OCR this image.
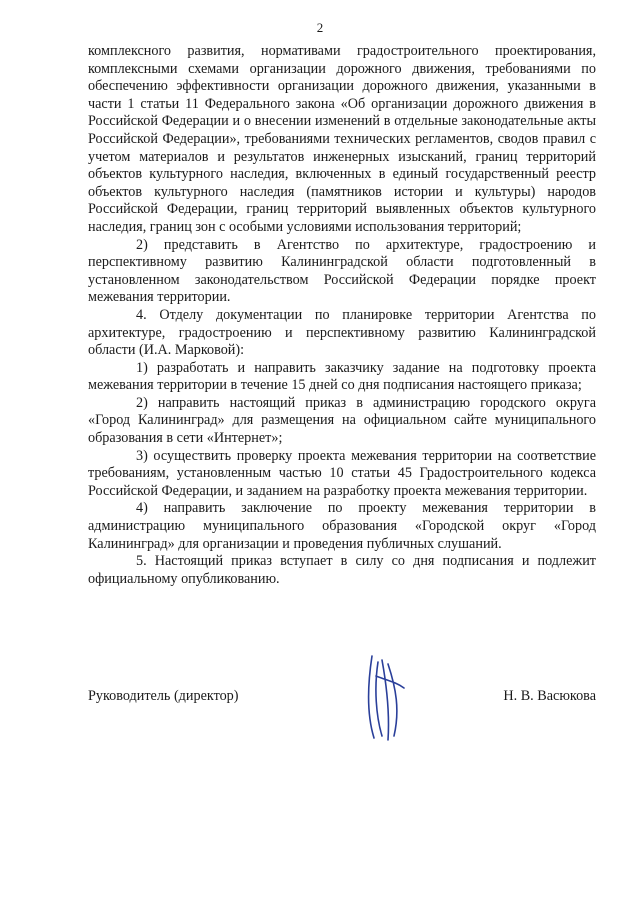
2

комплексного развития, нормативами градостроительного проектирования, комплексными схемами организации дорожного движения, требованиями по обеспечению эффективности организации дорожного движения, указанными в части 1 статьи 11 Федерального закона «Об организации дорожного движения в Российской Федерации и о внесении изменений в отдельные законодательные акты Российской Федерации», требованиями технических регламентов, сводов правил с учетом материалов и результатов инженерных изысканий, границ территорий объектов культурного наследия, включенных в единый государственный реестр объектов культурного наследия (памятников истории и культуры) народов Российской Федерации, границ территорий выявленных объектов культурного наследия, границ зон с особыми условиями использования территорий;

2) представить в Агентство по архитектуре, градостроению и перспективному развитию Калининградской области подготовленный в установленном законодательством Российской Федерации порядке проект межевания территории.

4. Отделу документации по планировке территории Агентства по архитектуре, градостроению и перспективному развитию Калининградской области (И.А. Марковой):

1) разработать и направить заказчику задание на подготовку проекта межевания территории в течение 15 дней со дня подписания настоящего приказа;

2) направить настоящий приказ в администрацию городского округа «Город Калининград» для размещения на официальном сайте муниципального образования в сети «Интернет»;

3) осуществить проверку проекта межевания территории на соответствие требованиям, установленным частью 10 статьи 45 Градостроительного кодекса Российской Федерации, и заданием на разработку проекта межевания территории.

4) направить заключение по проекту межевания территории в администрацию муниципального образования «Городской округ «Город Калининград» для организации и проведения публичных слушаний.

5. Настоящий приказ вступает в силу со дня подписания и подлежит официальному опубликованию.

Руководитель (директор)	Н. В. Васюкова
